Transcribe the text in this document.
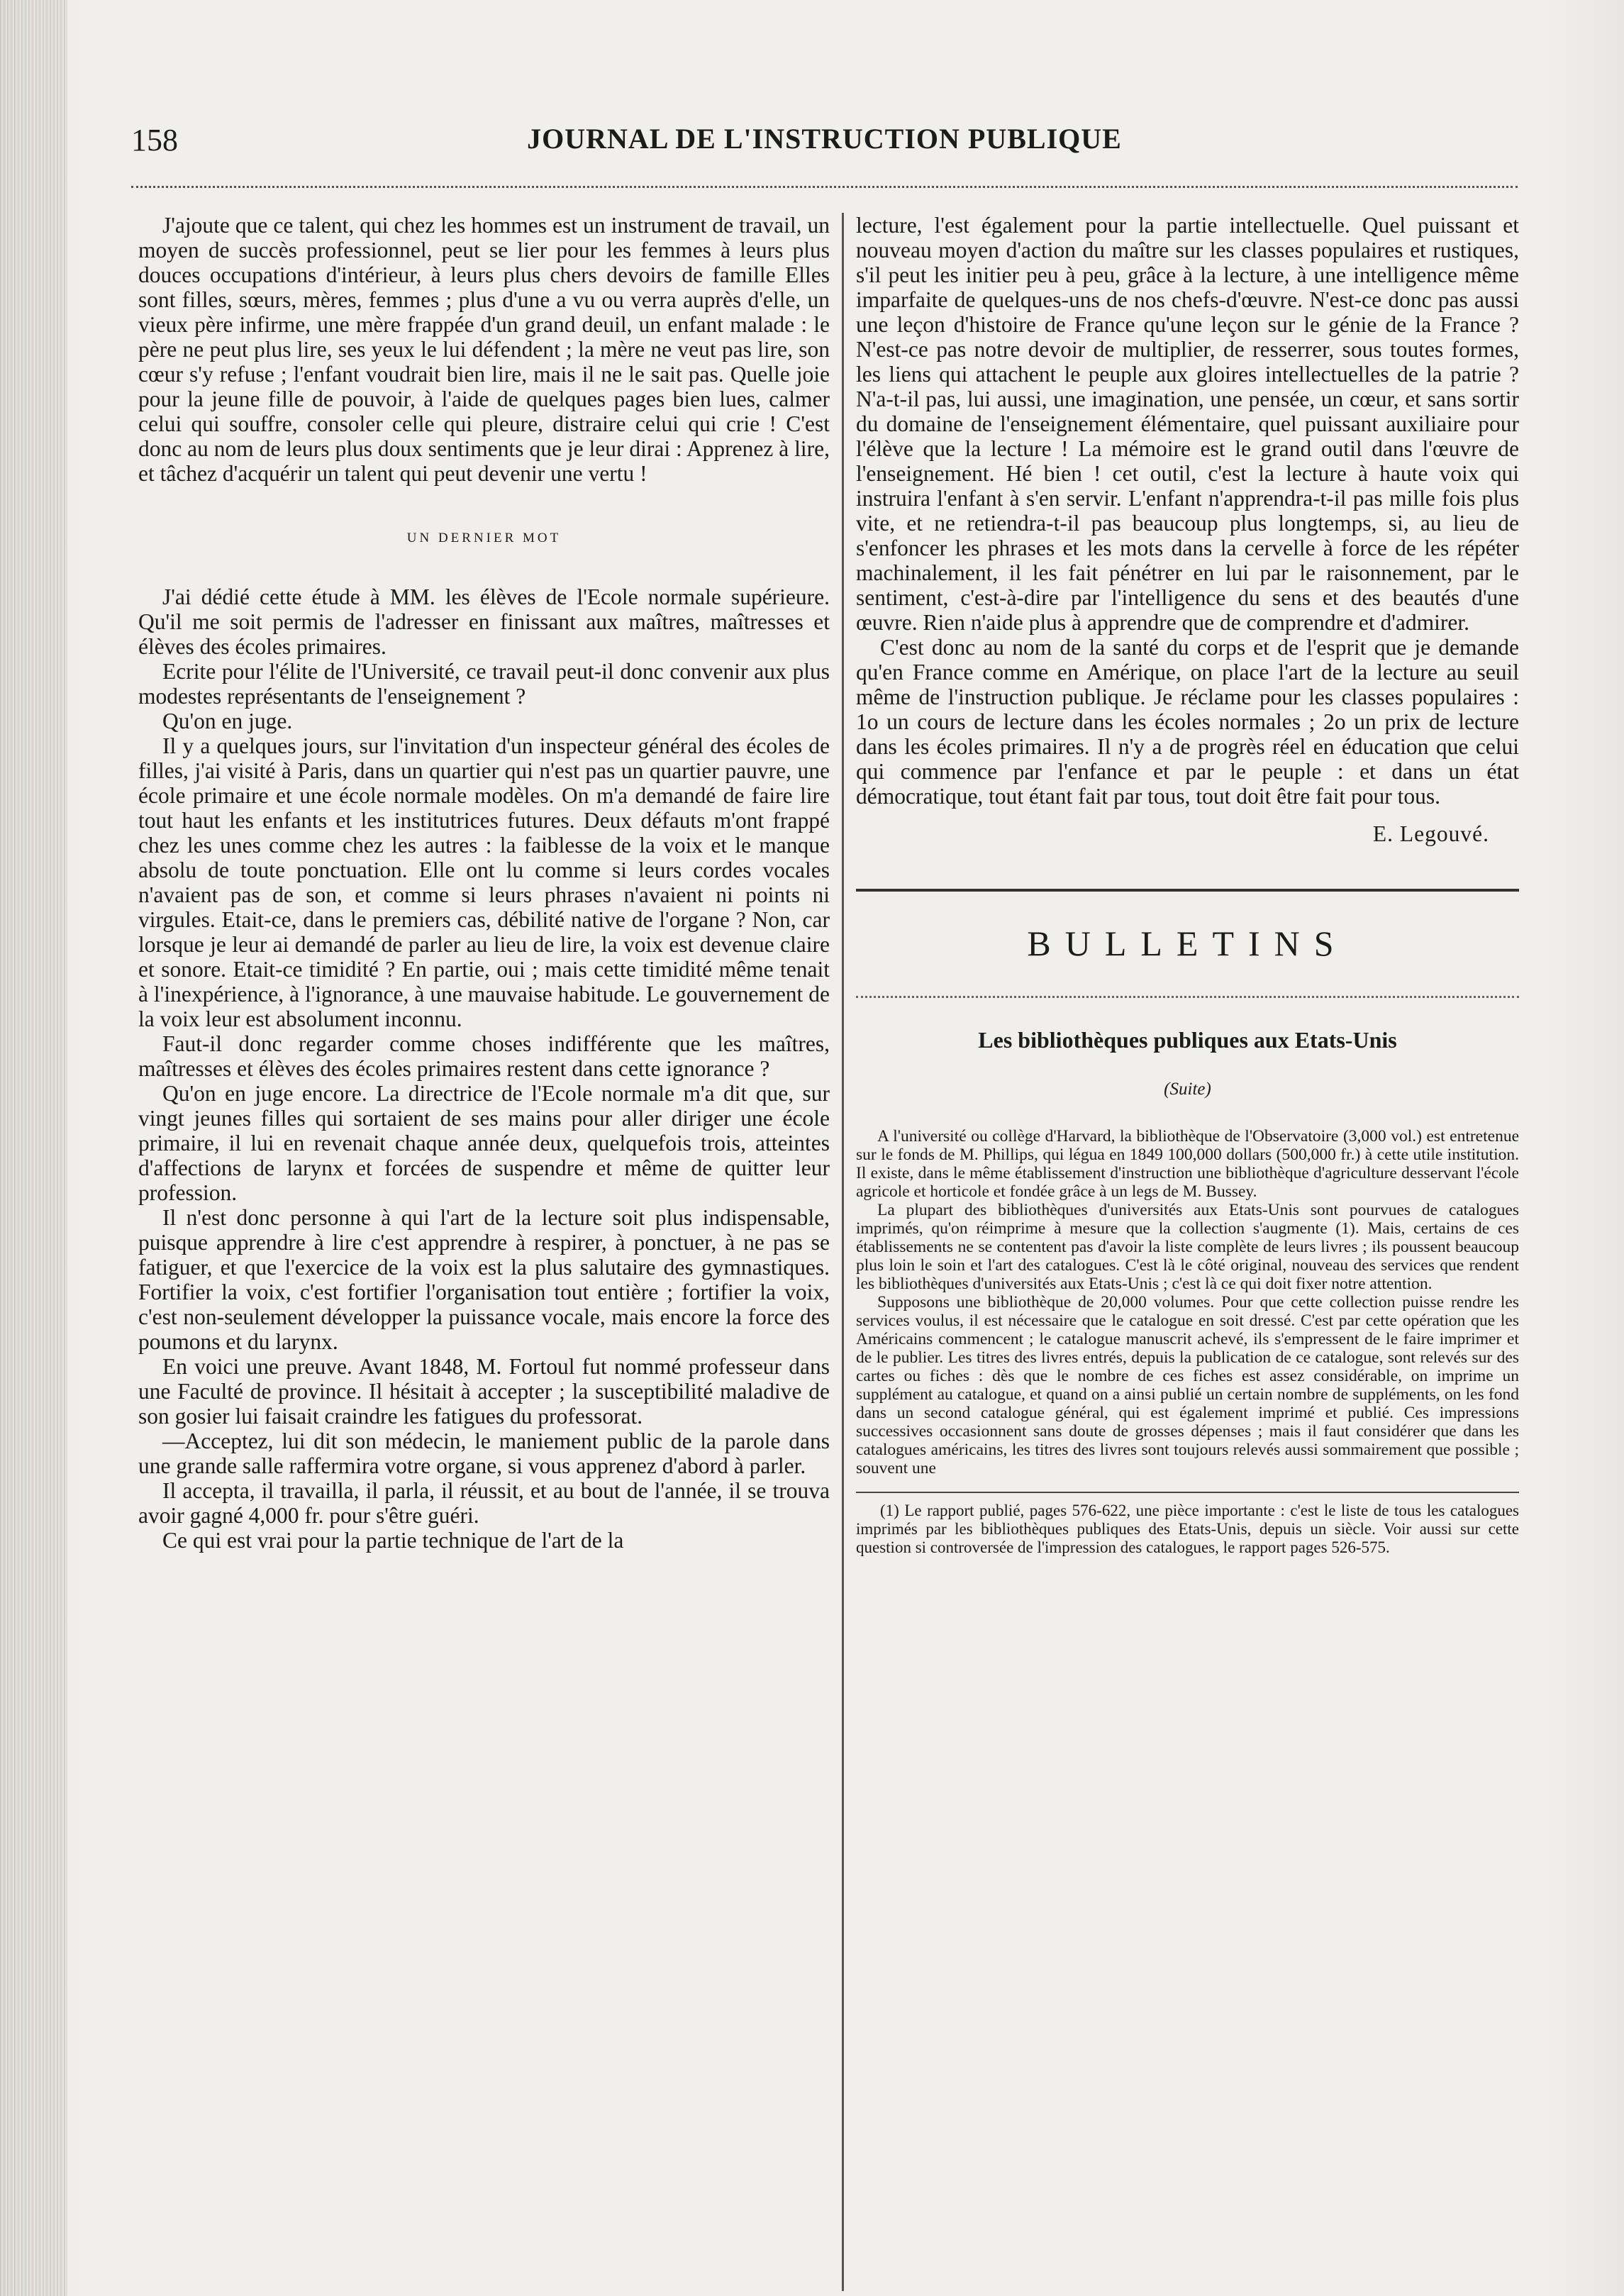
158	JOURNAL DE L'INSTRUCTION PUBLIQUE

J'ajoute que ce talent, qui chez les hommes est un instrument de travail, un moyen de succès professionnel, peut se lier pour les femmes à leurs plus douces occupations d'intérieur, à leurs plus chers devoirs de famille Elles sont filles, sœurs, mères, femmes ; plus d'une a vu ou verra auprès d'elle, un vieux père infirme, une mère frappée d'un grand deuil, un enfant malade : le père ne peut plus lire, ses yeux le lui défendent ; la mère ne veut pas lire, son cœur s'y refuse ; l'enfant voudrait bien lire, mais il ne le sait pas. Quelle joie pour la jeune fille de pouvoir, à l'aide de quelques pages bien lues, calmer celui qui souffre, consoler celle qui pleure, distraire celui qui crie ! C'est donc au nom de leurs plus doux sentiments que je leur dirai : Apprenez à lire, et tâchez d'acquérir un talent qui peut devenir une vertu !

UN DERNIER MOT

J'ai dédié cette étude à MM. les élèves de l'Ecole normale supérieure. Qu'il me soit permis de l'adresser en finissant aux maîtres, maîtresses et élèves des écoles primaires.

Ecrite pour l'élite de l'Université, ce travail peut-il donc convenir aux plus modestes représentants de l'enseignement ?

Qu'on en juge.

Il y a quelques jours, sur l'invitation d'un inspecteur général des écoles de filles, j'ai visité à Paris, dans un quartier qui n'est pas un quartier pauvre, une école primaire et une école normale modèles. On m'a demandé de faire lire tout haut les enfants et les institutrices futures. Deux défauts m'ont frappé chez les unes comme chez les autres : la faiblesse de la voix et le manque absolu de toute ponctuation. Elle ont lu comme si leurs cordes vocales n'avaient pas de son, et comme si leurs phrases n'avaient ni points ni virgules. Etait-ce, dans le premiers cas, débilité native de l'organe ? Non, car lorsque je leur ai demandé de parler au lieu de lire, la voix est devenue claire et sonore. Etait-ce timidité ? En partie, oui ; mais cette timidité même tenait à l'inexpérience, à l'ignorance, à une mauvaise habitude. Le gouvernement de la voix leur est absolument inconnu.

Faut-il donc regarder comme choses indifférente que les maîtres, maîtresses et élèves des écoles primaires restent dans cette ignorance ?

Qu'on en juge encore. La directrice de l'Ecole normale m'a dit que, sur vingt jeunes filles qui sortaient de ses mains pour aller diriger une école primaire, il lui en revenait chaque année deux, quelquefois trois, atteintes d'affections de larynx et forcées de suspendre et même de quitter leur profession.

Il n'est donc personne à qui l'art de la lecture soit plus indispensable, puisque apprendre à lire c'est apprendre à respirer, à ponctuer, à ne pas se fatiguer, et que l'exercice de la voix est la plus salutaire des gymnastiques. Fortifier la voix, c'est fortifier l'organisation tout entière ; fortifier la voix, c'est non-seulement développer la puissance vocale, mais encore la force des poumons et du larynx.

En voici une preuve. Avant 1848, M. Fortoul fut nommé professeur dans une Faculté de province. Il hésitait à accepter ; la susceptibilité maladive de son gosier lui faisait craindre les fatigues du professorat.

—Acceptez, lui dit son médecin, le maniement public de la parole dans une grande salle raffermira votre organe, si vous apprenez d'abord à parler.

Il accepta, il travailla, il parla, il réussit, et au bout de l'année, il se trouva avoir gagné 4,000 fr. pour s'être guéri.

Ce qui est vrai pour la partie technique de l'art de la

lecture, l'est également pour la partie intellectuelle. Quel puissant et nouveau moyen d'action du maître sur les classes populaires et rustiques, s'il peut les initier peu à peu, grâce à la lecture, à une intelligence même imparfaite de quelques-uns de nos chefs-d'œuvre. N'est-ce donc pas aussi une leçon d'histoire de France qu'une leçon sur le génie de la France ? N'est-ce pas notre devoir de multiplier, de resserrer, sous toutes formes, les liens qui attachent le peuple aux gloires intellectuelles de la patrie ? N'a-t-il pas, lui aussi, une imagination, une pensée, un cœur, et sans sortir du domaine de l'enseignement élémentaire, quel puissant auxiliaire pour l'élève que la lecture ! La mémoire est le grand outil dans l'œuvre de l'enseignement. Hé bien ! cet outil, c'est la lecture à haute voix qui instruira l'enfant à s'en servir. L'enfant n'apprendra-t-il pas mille fois plus vite, et ne retiendra-t-il pas beaucoup plus longtemps, si, au lieu de s'enfoncer les phrases et les mots dans la cervelle à force de les répéter machinalement, il les fait pénétrer en lui par le raisonnement, par le sentiment, c'est-à-dire par l'intelligence du sens et des beautés d'une œuvre. Rien n'aide plus à apprendre que de comprendre et d'admirer.

C'est donc au nom de la santé du corps et de l'esprit que je demande qu'en France comme en Amérique, on place l'art de la lecture au seuil même de l'instruction publique. Je réclame pour les classes populaires : 1o un cours de lecture dans les écoles normales ; 2o un prix de lecture dans les écoles primaires. Il n'y a de progrès réel en éducation que celui qui commence par l'enfance et par le peuple : et dans un état démocratique, tout étant fait par tous, tout doit être fait pour tous.

E. Legouvé.
BULLETINS
Les bibliothèques publiques aux Etats-Unis
(Suite)

A l'université ou collège d'Harvard, la bibliothèque de l'Observatoire (3,000 vol.) est entretenue sur le fonds de M. Phillips, qui légua en 1849 100,000 dollars (500,000 fr.) à cette utile institution. Il existe, dans le même établissement d'instruction une bibliothèque d'agriculture desservant l'école agricole et horticole et fondée grâce à un legs de M. Bussey.

La plupart des bibliothèques d'universités aux Etats-Unis sont pourvues de catalogues imprimés, qu'on réimprime à mesure que la collection s'augmente (1). Mais, certains de ces établissements ne se contentent pas d'avoir la liste complète de leurs livres ; ils poussent beaucoup plus loin le soin et l'art des catalogues. C'est là le côté original, nouveau des services que rendent les bibliothèques d'universités aux Etats-Unis ; c'est là ce qui doit fixer notre attention.

Supposons une bibliothèque de 20,000 volumes. Pour que cette collection puisse rendre les services voulus, il est nécessaire que le catalogue en soit dressé. C'est par cette opération que les Américains commencent ; le catalogue manuscrit achevé, ils s'empressent de le faire imprimer et de le publier. Les titres des livres entrés, depuis la publication de ce catalogue, sont relevés sur des cartes ou fiches : dès que le nombre de ces fiches est assez considérable, on imprime un supplément au catalogue, et quand on a ainsi publié un certain nombre de suppléments, on les fond dans un second catalogue général, qui est également imprimé et publié. Ces impressions successives occasionnent sans doute de grosses dépenses ; mais il faut considérer que dans les catalogues américains, les titres des livres sont toujours relevés aussi sommairement que possible ; souvent une

(1) Le rapport publié, pages 576-622, une pièce importante : c'est le liste de tous les catalogues imprimés par les bibliothèques publiques des Etats-Unis, depuis un siècle. Voir aussi sur cette question si controversée de l'impression des catalogues, le rapport pages 526-575.
